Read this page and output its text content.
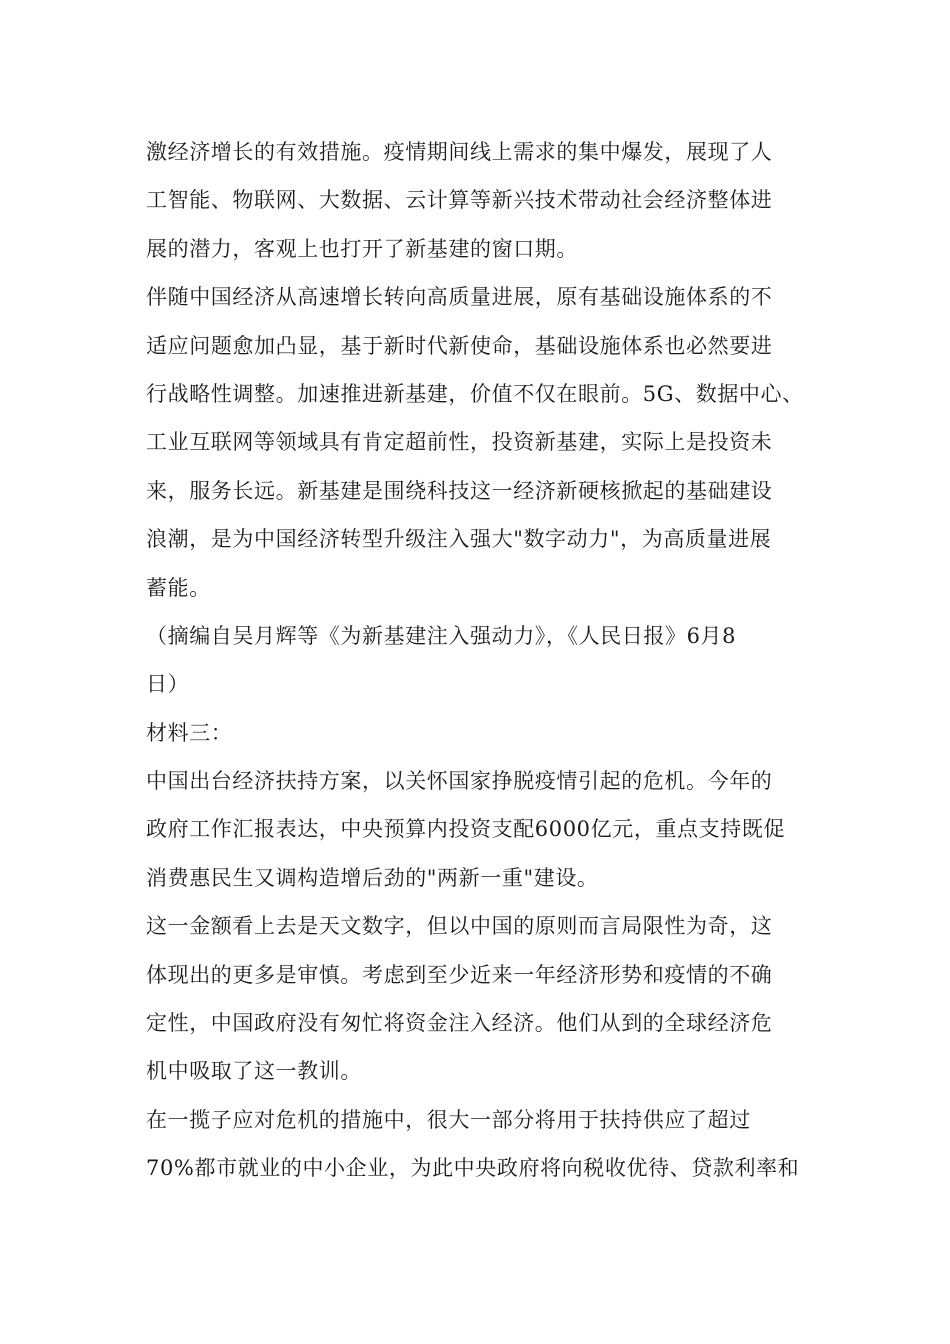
激经济增长的有效措施。疫情期间线上需求的集中爆发，展现了人
工智能、物联网、大数据、云计算等新兴技术带动社会经济整体进
展的潜力，客观上也打开了新基建的窗口期。
伴随中国经济从高速增长转向高质量进展，原有基础设施体系的不
适应问题愈加凸显，基于新时代新使命，基础设施体系也必然要进
行战略性调整。加速推进新基建，价值不仅在眼前。5G、数据中心、
工业互联网等领域具有肯定超前性，投资新基建，实际上是投资未
来，服务长远。新基建是围绕科技这一经济新硬核掀起的基础建设
浪潮，是为中国经济转型升级注入强大"数字动力"，为高质量进展
蓄能。
（摘编自吴月辉等《为新基建注入强动力》，《人民日报》6月8
日）
材料三：
中国出台经济扶持方案，以关怀国家挣脱疫情引起的危机。今年的
政府工作汇报表达，中央预算内投资支配6000亿元，重点支持既促
消费惠民生又调构造增后劲的"两新一重"建设。
这一金额看上去是天文数字，但以中国的原则而言局限性为奇，这
体现出的更多是审慎。考虑到至少近来一年经济形势和疫情的不确
定性，中国政府没有匆忙将资金注入经济。他们从到的全球经济危
机中吸取了这一教训。
在一揽子应对危机的措施中，很大一部分将用于扶持供应了超过
70%都市就业的中小企业，为此中央政府将向税收优待、贷款利率和
